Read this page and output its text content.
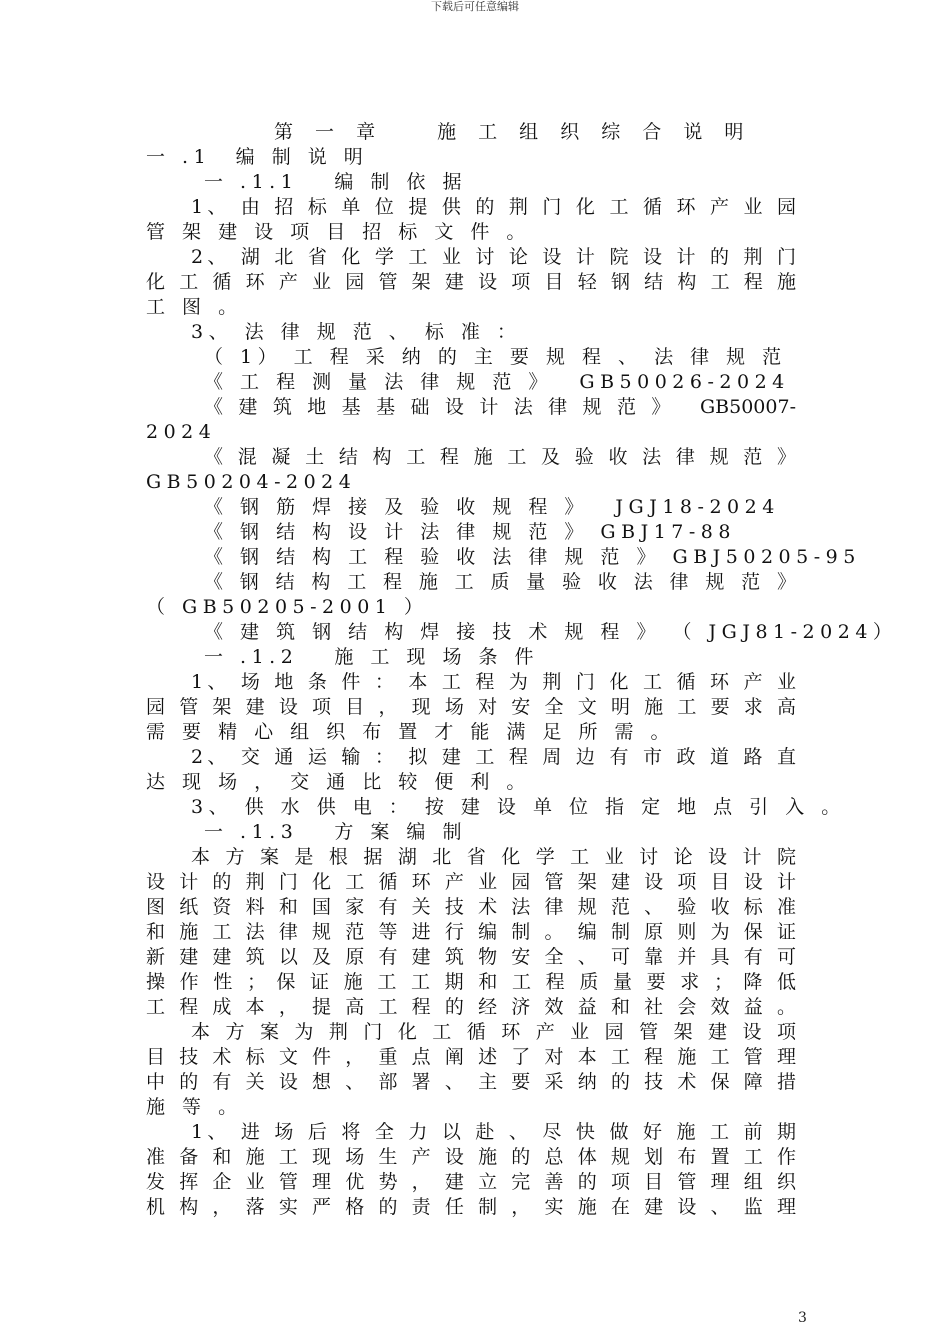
下载后可任意编辑
第 一 章　　施 工 组 织 综 合 说 明
一 .1　编 制 说 明
一 .1.1　 编 制 依 据
1、 由 招 标 单 位 提 供 的 荆 门 化 工 循 环 产 业 园
管 架 建 设 项 目 招 标 文 件 。
2、 湖 北 省 化 学 工 业 讨 论 设 计 院 设 计 的 荆 门
化 工 循 环 产 业 园 管 架 建 设 项 目 轻 钢 结 构 工 程 施
工 图 。
3、 法 律 规 范 、 标 准 ：
（ 1） 工 程 采 纳 的 主 要 规 程 、 法 律 规 范
《 工 程 测 量 法 律 规 范 》　 GB50026-2024
《 建 筑 地 基 基 础 设 计 法 律 规 范 》　 GB50007-
2024
《 混 凝 土 结 构 工 程 施 工 及 验 收 法 律 规 范 》
GB50204-2024
《 钢 筋 焊 接 及 验 收 规 程 》　 JGJ18-2024
《 钢 结 构 设 计 法 律 规 范 》 GBJ17-88
《 钢 结 构 工 程 验 收 法 律 规 范 》 GBJ50205-95
《 钢 结 构 工 程 施 工 质 量 验 收 法 律 规 范 》
（ GB50205-2001 ）
《 建 筑 钢 结 构 焊 接 技 术 规 程 》 （ JGJ81-2024）
一 .1.2　 施 工 现 场 条 件
1、 场 地 条 件 ： 本 工 程 为 荆 门 化 工 循 环 产 业
园 管 架 建 设 项 目 ， 现 场 对 安 全 文 明 施 工 要 求 高
需 要 精 心 组 织 布 置 才 能 满 足 所 需 。
2、 交 通 运 输 ： 拟 建 工 程 周 边 有 市 政 道 路 直
达 现 场 ， 交 通 比 较 便 利 。
3、 供 水 供 电 ： 按 建 设 单 位 指 定 地 点 引 入 。
一 .1.3　 方 案 编 制
本 方 案 是 根 据 湖 北 省 化 学 工 业 讨 论 设 计 院
设 计 的 荆 门 化 工 循 环 产 业 园 管 架 建 设 项 目 设 计
图 纸 资 料 和 国 家 有 关 技 术 法 律 规 范 、 验 收 标 准
和 施 工 法 律 规 范 等 进 行 编 制 。 编 制 原 则 为 保 证
新 建 建 筑 以 及 原 有 建 筑 物 安 全 、 可 靠 并 具 有 可
操 作 性 ； 保 证 施 工 工 期 和 工 程 质 量 要 求 ； 降 低
工 程 成 本 ， 提 高 工 程 的 经 济 效 益 和 社 会 效 益 。
本 方 案 为 荆 门 化 工 循 环 产 业 园 管 架 建 设 项
目 技 术 标 文 件 ， 重 点 阐 述 了 对 本 工 程 施 工 管 理
中 的 有 关 设 想 、 部 署 、 主 要 采 纳 的 技 术 保 障 措
施 等 。
1、 进 场 后 将 全 力 以 赴 、 尽 快 做 好 施 工 前 期
准 备 和 施 工 现 场 生 产 设 施 的 总 体 规 划 布 置 工 作
发 挥 企 业 管 理 优 势 ， 建 立 完 善 的 项 目 管 理 组 织
机 构 ， 落 实 严 格 的 责 任 制 ， 实 施 在 建 设 、 监 理
3
